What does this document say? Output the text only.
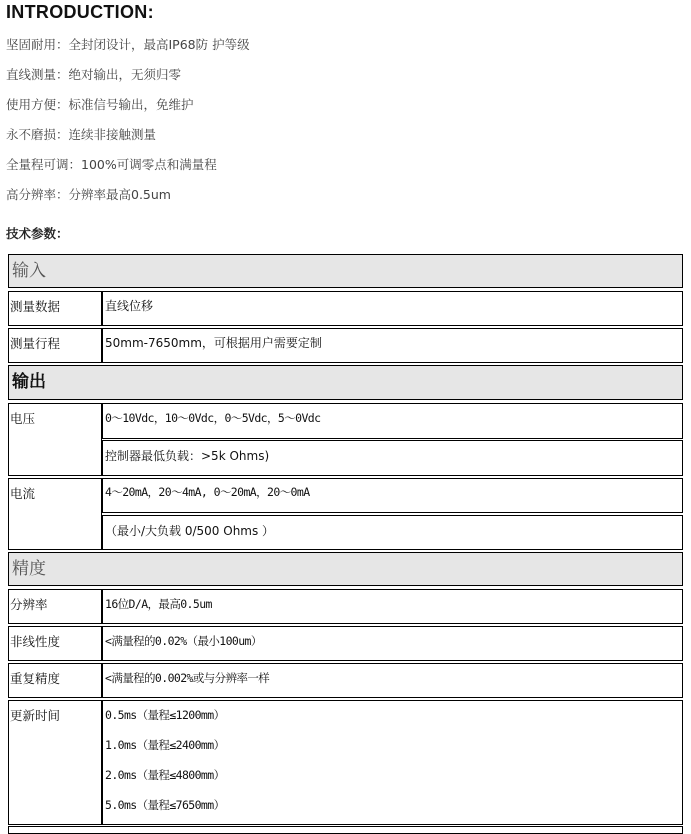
INTRODUCTION:
坚固耐用：全封闭设计，最高IP68防 护等级
直线测量：绝对输出，无须归零
使用方便：标准信号输出，免维护
永不磨损：连续非接触测量
全量程可调：100%可调零点和满量程
高分辨率：分辨率最高0.5um
技术参数：
输入
测量数据	直线位移
测量行程	50mm-7650mm，可根据用户需要定制
输出
电压	0～10Vdc，10～0Vdc，0～5Vdc，5～0Vdc
控制器最低负载：>5k Ohms)
电流	4～20mA，20～4mA, 0～20mA，20～0mA
（最小/大负载 0/500 Ohms ）
精度
分辨率	16位D/A，最高0.5um
非线性度	<满量程的0.02%（最小100um）
重复精度	<满量程的0.002%或与分辨率一样
更新时间	0.5ms（量程≤1200mm）
1.0ms（量程≤2400mm）
2.0ms（量程≤4800mm）
5.0ms（量程≤7650mm）
